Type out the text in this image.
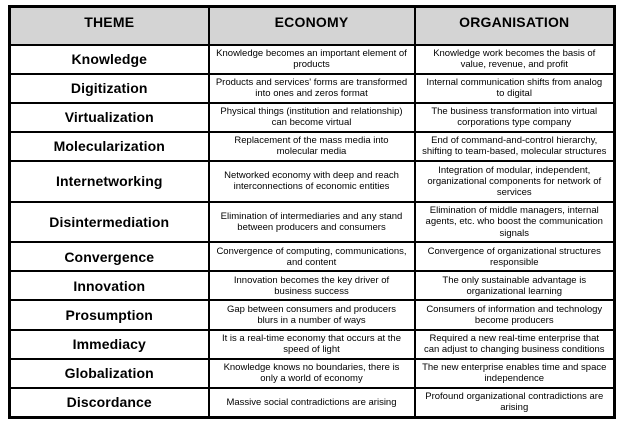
THEME	ECONOMY	ORGANISATION
Knowledge	Knowledge becomes an important element of products	Knowledge work becomes the basis of value, revenue, and profit
Digitization	Products and services' forms are transformed into ones and zeros format	Internal communication shifts from analog to digital
Virtualization	Physical things (institution and relationship) can become virtual	The business transformation into virtual corporations type company
Molecularization	Replacement of the mass media into molecular media	End of command-and-control hierarchy, shifting to team-based, molecular structures
Internetworking	Networked economy with deep and reach interconnections of economic entities	Integration of modular, independent, organizational components for network of services
Disintermediation	Elimination of intermediaries and any stand between producers and consumers	Elimination of middle managers, internal agents, etc. who boost the communication signals
Convergence	Convergence of computing, communications, and content	Convergence of organizational structures responsible
Innovation	Innovation becomes the key driver of business success	The only sustainable advantage is organizational learning
Prosumption	Gap between consumers and producers blurs in a number of ways	Consumers of information and technology become producers
Immediacy	It is a real-time economy that occurs at the speed of light	Required a new real-time enterprise that can adjust to changing business conditions
Globalization	Knowledge knows no boundaries, there is only a world of economy	The new enterprise enables time and space independence
Discordance	Massive social contradictions are arising	Profound organizational contradictions are arising
